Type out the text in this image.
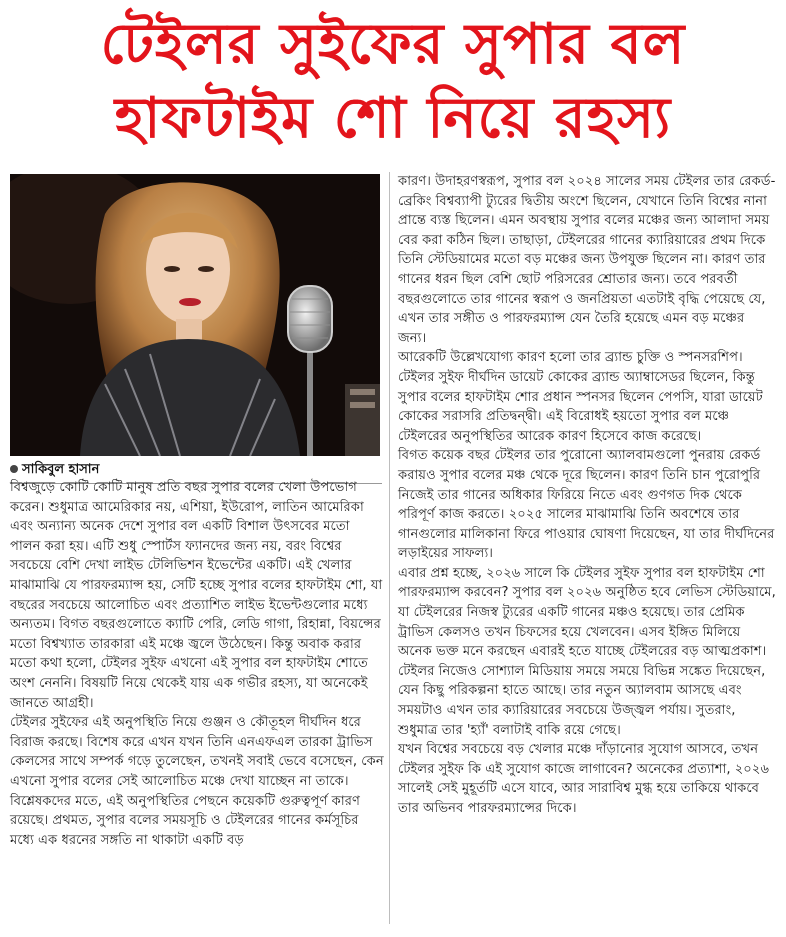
টেইলর সুইফের সুপার বল
হাফটাইম শো নিয়ে রহস্য
সাকিবুল হাসান

বিশ্বজুড়ে কোটি কোটি মানুষ প্রতি বছর সুপার বলের খেলা উপভোগ করেন। শুধুমাত্র আমেরিকার নয়, এশিয়া, ইউরোপ, লাতিন আমেরিকা এবং অন্যান্য অনেক দেশে সুপার বল একটি বিশাল উৎসবের মতো পালন করা হয়। এটি শুধু স্পোর্টস ফ্যানদের জন্য নয়, বরং বিশ্বের সবচেয়ে বেশি দেখা লাইভ টেলিভিশন ইভেন্টের একটি। এই খেলার মাঝামাঝি যে পারফরম্যান্স হয়, সেটি হচ্ছে সুপার বলের হাফটাইম শো, যা বছরের সবচেয়ে আলোচিত এবং প্রত্যাশিত লাইভ ইভেন্টগুলোর মধ্যে অন্যতম। বিগত বছরগুলোতে ক্যাটি পেরি, লেডি গাগা, রিহান্না, বিয়ন্সের মতো বিশ্বখ্যাত তারকারা এই মঞ্চে জ্বলে উঠেছেন। কিন্তু অবাক করার মতো কথা হলো, টেইলর সুইফ এখনো এই সুপার বল হাফটাইম শোতে অংশ নেননি। বিষয়টি নিয়ে থেকেই যায় এক গভীর রহস্য, যা অনেকেই জানতে আগ্রহী।

টেইলর সুইফের এই অনুপস্থিতি নিয়ে গুঞ্জন ও কৌতূহল দীর্ঘদিন ধরে বিরাজ করছে। বিশেষ করে এখন যখন তিনি এনএফএল তারকা ট্রাভিস কেলসের সাথে সম্পর্ক গড়ে তুলেছেন, তখনই সবাই ভেবে বসেছেন, কেন এখনো সুপার বলের সেই আলোচিত মঞ্চে দেখা যাচ্ছেন না তাকে। বিশ্লেষকদের মতে, এই অনুপস্থিতির পেছনে কয়েকটি গুরুত্বপূর্ণ কারণ রয়েছে। প্রথমত, সুপার বলের সময়সূচি ও টেইলরের গানের কর্মসূচির মধ্যে এক ধরনের সঙ্গতি না থাকাটা একটি বড়

কারণ। উদাহরণস্বরূপ, সুপার বল ২০২৪ সালের সময় টেইলর তার রেকর্ড-ব্রেকিং বিশ্বব্যাপী ট্যুরের দ্বিতীয় অংশে ছিলেন, যেখানে তিনি বিশ্বের নানা প্রান্তে ব্যস্ত ছিলেন। এমন অবস্থায় সুপার বলের মঞ্চের জন্য আলাদা সময় বের করা কঠিন ছিল। তাছাড়া, টেইলরের গানের ক্যারিয়ারের প্রথম দিকে তিনি স্টেডিয়ামের মতো বড় মঞ্চের জন্য উপযুক্ত ছিলেন না। কারণ তার গানের ধরন ছিল বেশি ছোট পরিসরের শ্রোতার জন্য। তবে পরবর্তী বছরগুলোতে তার গানের স্বরূপ ও জনপ্রিয়তা এতটাই বৃদ্ধি পেয়েছে যে, এখন তার সঙ্গীত ও পারফরম্যান্স যেন তৈরি হয়েছে এমন বড় মঞ্চের জন্য।

আরেকটি উল্লেখযোগ্য কারণ হলো তার ব্র্যান্ড চুক্তি ও স্পনসরশিপ। টেইলর সুইফ দীর্ঘদিন ডায়েট কোকের ব্র্যান্ড অ্যাম্বাসেডর ছিলেন, কিন্তু সুপার বলের হাফটাইম শোর প্রধান স্পনসর ছিলেন পেপসি, যারা ডায়েট কোকের সরাসরি প্রতিদ্বন্দ্বী। এই বিরোধই হয়তো সুপার বল মঞ্চে টেইলরের অনুপস্থিতির আরেক কারণ হিসেবে কাজ করেছে।

বিগত কয়েক বছর টেইলর তার পুরোনো অ্যালবামগুলো পুনরায় রেকর্ড করায়ও সুপার বলের মঞ্চ থেকে দূরে ছিলেন। কারণ তিনি চান পুরোপুরি নিজেই তার গানের অধিকার ফিরিয়ে নিতে এবং গুণগত দিক থেকে পরিপূর্ণ কাজ করতে। ২০২৫ সালের মাঝামাঝি তিনি অবশেষে তার গানগুলোর মালিকানা ফিরে পাওয়ার ঘোষণা দিয়েছেন, যা তার দীর্ঘদিনের লড়াইয়ের সাফল্য।

এবার প্রশ্ন হচ্ছে, ২০২৬ সালে কি টেইলর সুইফ সুপার বল হাফটাইম শো পারফরম্যান্স করবেন? সুপার বল ২০২৬ অনুষ্ঠিত হবে লেভিস স্টেডিয়ামে, যা টেইলরের নিজস্ব ট্যুরের একটি গানের মঞ্চও হয়েছে। তার প্রেমিক ট্রাভিস কেলসও তখন চিফসের হয়ে খেলবেন। এসব ইঙ্গিত মিলিয়ে অনেক ভক্ত মনে করছেন এবারই হতে যাচ্ছে টেইলরের বড় আত্মপ্রকাশ। টেইলর নিজেও সোশ্যাল মিডিয়ায় সময়ে সময়ে বিভিন্ন সঙ্কেত দিয়েছেন, যেন কিছু পরিকল্পনা হাতে আছে। তার নতুন অ্যালবাম আসছে এবং সময়টাও এখন তার ক্যারিয়ারের সবচেয়ে উজ্জ্বল পর্যায়। সুতরাং, শুধুমাত্র তার 'হ্যাঁ' বলাটাই বাকি রয়ে গেছে।

যখন বিশ্বের সবচেয়ে বড় খেলার মঞ্চে দাঁড়ানোর সুযোগ আসবে, তখন টেইলর সুইফ কি এই সুযোগ কাজে লাগাবেন? অনেকের প্রত্যাশা, ২০২৬ সালেই সেই মুহূর্তটি এসে যাবে, আর সারাবিশ্ব মুগ্ধ হয়ে তাকিয়ে থাকবে তার অভিনব পারফরম্যান্সের দিকে।
